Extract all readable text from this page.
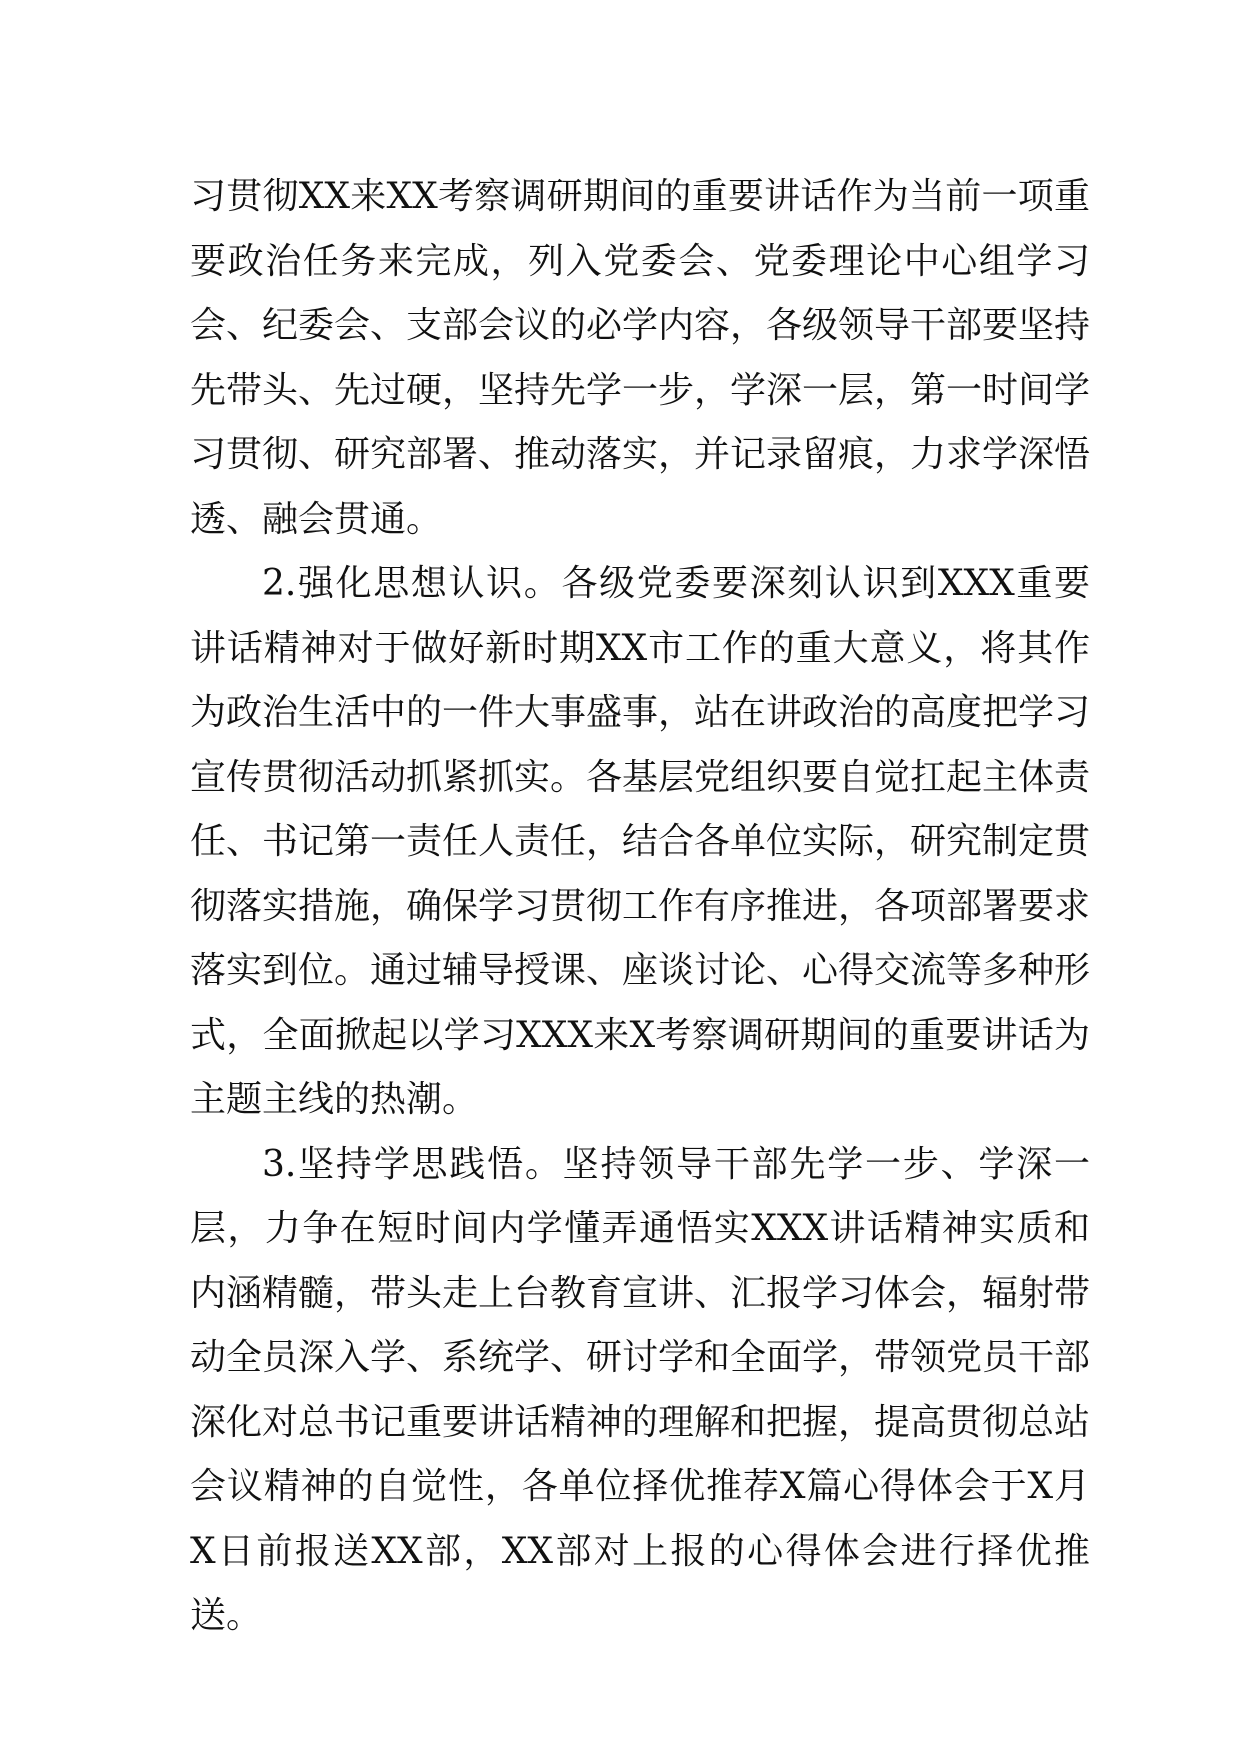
习贯彻XX来XX考察调研期间的重要讲话作为当前一项重要政治任务来完成，列入党委会、党委理论中心组学习会、纪委会、支部会议的必学内容，各级领导干部要坚持先带头、先过硬，坚持先学一步，学深一层，第一时间学习贯彻、研究部署、推动落实，并记录留痕，力求学深悟透、融会贯通。

2.强化思想认识。各级党委要深刻认识到XXX重要讲话精神对于做好新时期XX市工作的重大意义，将其作为政治生活中的一件大事盛事，站在讲政治的高度把学习宣传贯彻活动抓紧抓实。各基层党组织要自觉扛起主体责任、书记第一责任人责任，结合各单位实际，研究制定贯彻落实措施，确保学习贯彻工作有序推进，各项部署要求落实到位。通过辅导授课、座谈讨论、心得交流等多种形式，全面掀起以学习XXX来X考察调研期间的重要讲话为主题主线的热潮。

3.坚持学思践悟。坚持领导干部先学一步、学深一层，力争在短时间内学懂弄通悟实XXX讲话精神实质和内涵精髓，带头走上台教育宣讲、汇报学习体会，辐射带动全员深入学、系统学、研讨学和全面学，带领党员干部深化对总书记重要讲话精神的理解和把握，提高贯彻总站会议精神的自觉性，各单位择优推荐X篇心得体会于X月X日前报送XX部，XX部对上报的心得体会进行择优推送。
